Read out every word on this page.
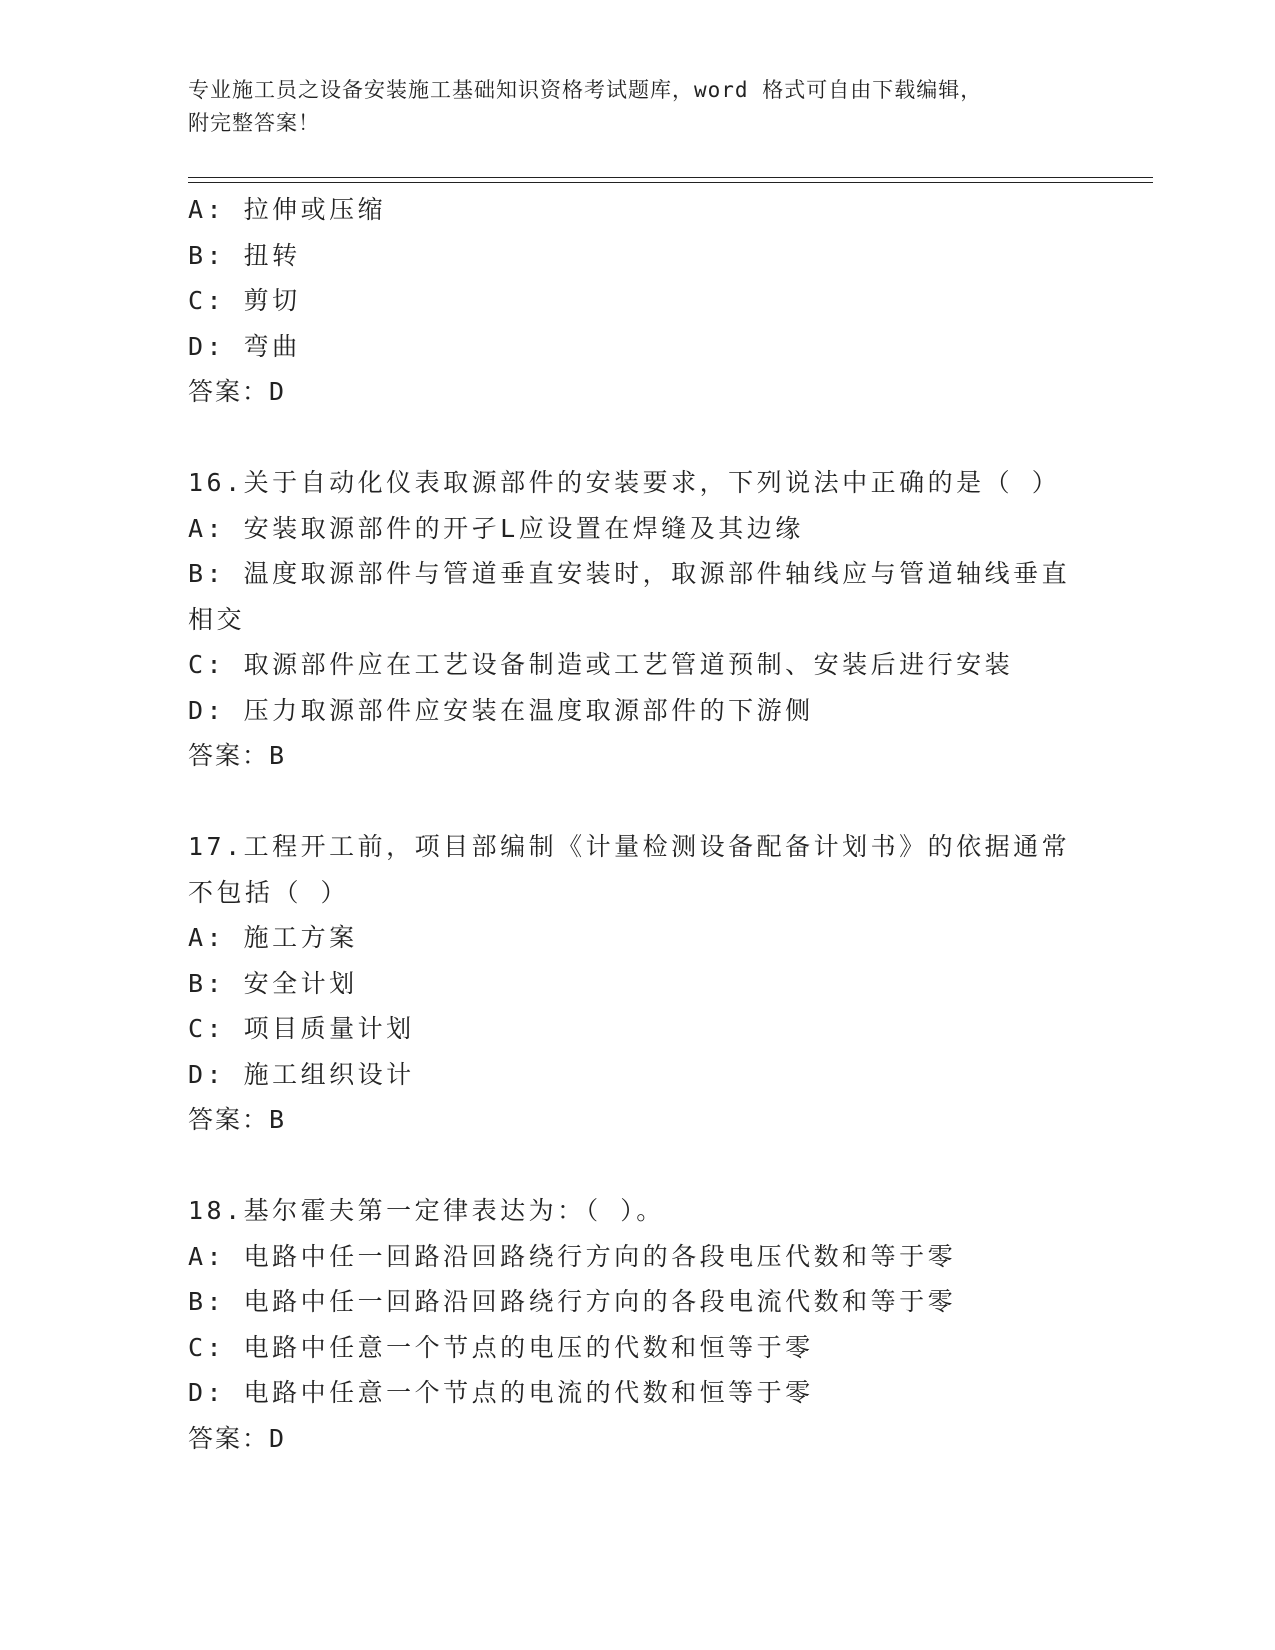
专业施工员之设备安装施工基础知识资格考试题库，word 格式可自由下载编辑，
附完整答案！
A: 拉伸或压缩
B: 扭转
C: 剪切
D: 弯曲
答案：D
16.关于自动化仪表取源部件的安装要求，下列说法中正确的是（ ）
A: 安装取源部件的开孑L应设置在焊缝及其边缘
B: 温度取源部件与管道垂直安装时，取源部件轴线应与管道轴线垂直
相交
C: 取源部件应在工艺设备制造或工艺管道预制、安装后进行安装
D: 压力取源部件应安装在温度取源部件的下游侧
答案：B
17.工程开工前，项目部编制《计量检测设备配备计划书》的依据通常
不包括（ ）
A: 施工方案
B: 安全计划
C: 项目质量计划
D: 施工组织设计
答案：B
18.基尔霍夫第一定律表达为：（ ）。
A: 电路中任一回路沿回路绕行方向的各段电压代数和等于零
B: 电路中任一回路沿回路绕行方向的各段电流代数和等于零
C: 电路中任意一个节点的电压的代数和恒等于零
D: 电路中任意一个节点的电流的代数和恒等于零
答案：D
